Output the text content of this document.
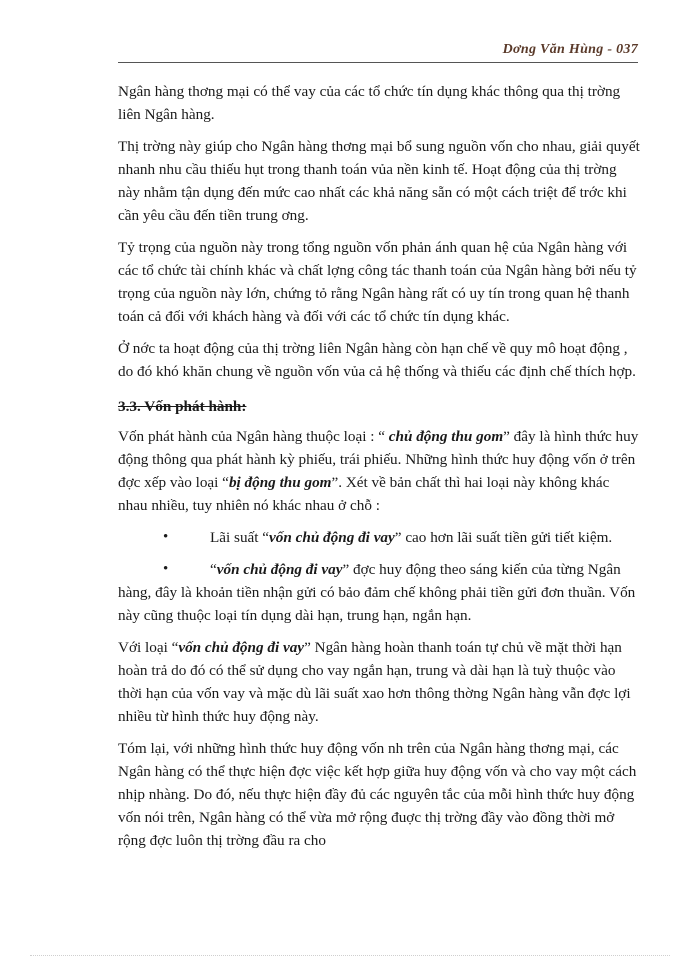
Dơng Văn Hùng - 037

Ngân hàng thơng mại có thể vay của các tổ chức tín dụng khác thông qua thị trờng liên Ngân hàng.

Thị trờng này giúp cho Ngân hàng thơng mại bổ sung nguồn vốn cho nhau, giải quyết nhanh nhu cầu thiếu hụt trong thanh toán vủa nền kinh tế. Hoạt động của thị trờng này nhằm tận dụng đến mức cao nhất các khả năng sẵn có một cách triệt để trớc khi cần yêu cầu đến tiền trung ơng.

Tỷ trọng của nguồn này trong tổng nguồn vốn phản ánh quan hệ của Ngân hàng với các tổ chức tài chính khác và chất lợng công tác thanh toán của Ngân hàng bởi nếu tỷ trọng của nguồn này lớn, chứng tỏ rằng Ngân hàng rất có uy tín trong quan hệ thanh toán cả đối với khách hàng và đối với các tổ chức tín dụng khác.

Ở nớc ta hoạt động của thị trờng liên Ngân hàng còn hạn chế về quy mô hoạt động , do đó khó khăn chung về nguồn vốn vủa cả hệ thống và thiếu các định chế thích hợp.

3.3. Vốn phát hành:

Vốn phát hành của Ngân hàng thuộc loại : “ chủ động thu gom” đây là hình thức huy động thông qua phát hành kỳ phiếu, trái phiếu. Những hình thức huy động vốn ở trên đợc xếp vào loại “bị động thu gom”. Xét về bản chất thì hai loại này không khác nhau nhiều, tuy nhiên nó khác nhau ở chỗ :

•	Lãi suất “vốn chủ động đi vay” cao hơn lãi suất tiền gửi tiết kiệm.

•	“vốn chủ động đi vay” đợc huy động theo sáng kiến của từng Ngân hàng, đây là khoản tiền nhận gửi có bảo đảm chế không phải tiền gửi đơn thuần. Vốn này cũng thuộc loại tín dụng dài hạn, trung hạn, ngắn hạn.

Với loại “vốn chủ động đi vay” Ngân hàng hoàn thanh toán tự chủ về mặt thời hạn hoàn trả do đó có thể sử dụng cho vay ngắn hạn, trung và dài hạn là tuỳ thuộc vào thời hạn của vốn vay và mặc dù lãi suất xao hơn thông thờng Ngân hàng vẫn đợc lợi nhiều từ hình thức huy động này.

Tóm lại, với những hình thức huy động vốn nh trên của Ngân hàng thơng mại, các Ngân hàng có thể thực hiện đợc việc kết hợp giữa huy động vốn và cho vay một cách nhịp nhàng. Do đó, nếu thực hiện đầy đủ các nguyên tắc của mỗi hình thức huy động vốn nói trên, Ngân hàng có thể vừa mở rộng đuợc thị trờng đầy vào đồng thời mở rộng đợc luôn thị trờng đầu ra cho
